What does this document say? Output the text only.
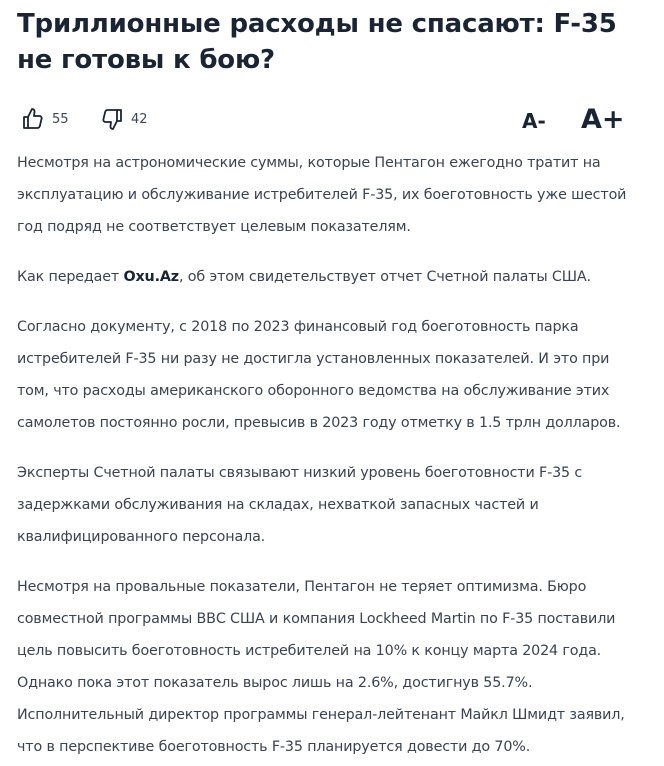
Триллионные расходы не спасают: F-35 не готовы к бою?
55	42	A- A+

Несмотря на астрономические суммы, которые Пентагон ежегодно тратит на эксплуатацию и обслуживание истребителей F-35, их боеготовность уже шестой год подряд не соответствует целевым показателям.

Как передает Oxu.Az, об этом свидетельствует отчет Счетной палаты США.

Согласно документу, с 2018 по 2023 финансовый год боеготовность парка истребителей F-35 ни разу не достигла установленных показателей. И это при том, что расходы американского оборонного ведомства на обслуживание этих самолетов постоянно росли, превысив в 2023 году отметку в 1.5 трлн долларов.

Эксперты Счетной палаты связывают низкий уровень боеготовности F-35 с задержками обслуживания на складах, нехваткой запасных частей и квалифицированного персонала.

Несмотря на провальные показатели, Пентагон не теряет оптимизма. Бюро совместной программы ВВС США и компания Lockheed Martin по F-35 поставили цель повысить боеготовность истребителей на 10% к концу марта 2024 года. Однако пока этот показатель вырос лишь на 2.6%, достигнув 55.7%. Исполнительный директор программы генерал-лейтенант Майкл Шмидт заявил, что в перспективе боеготовность F-35 планируется довести до 70%.
